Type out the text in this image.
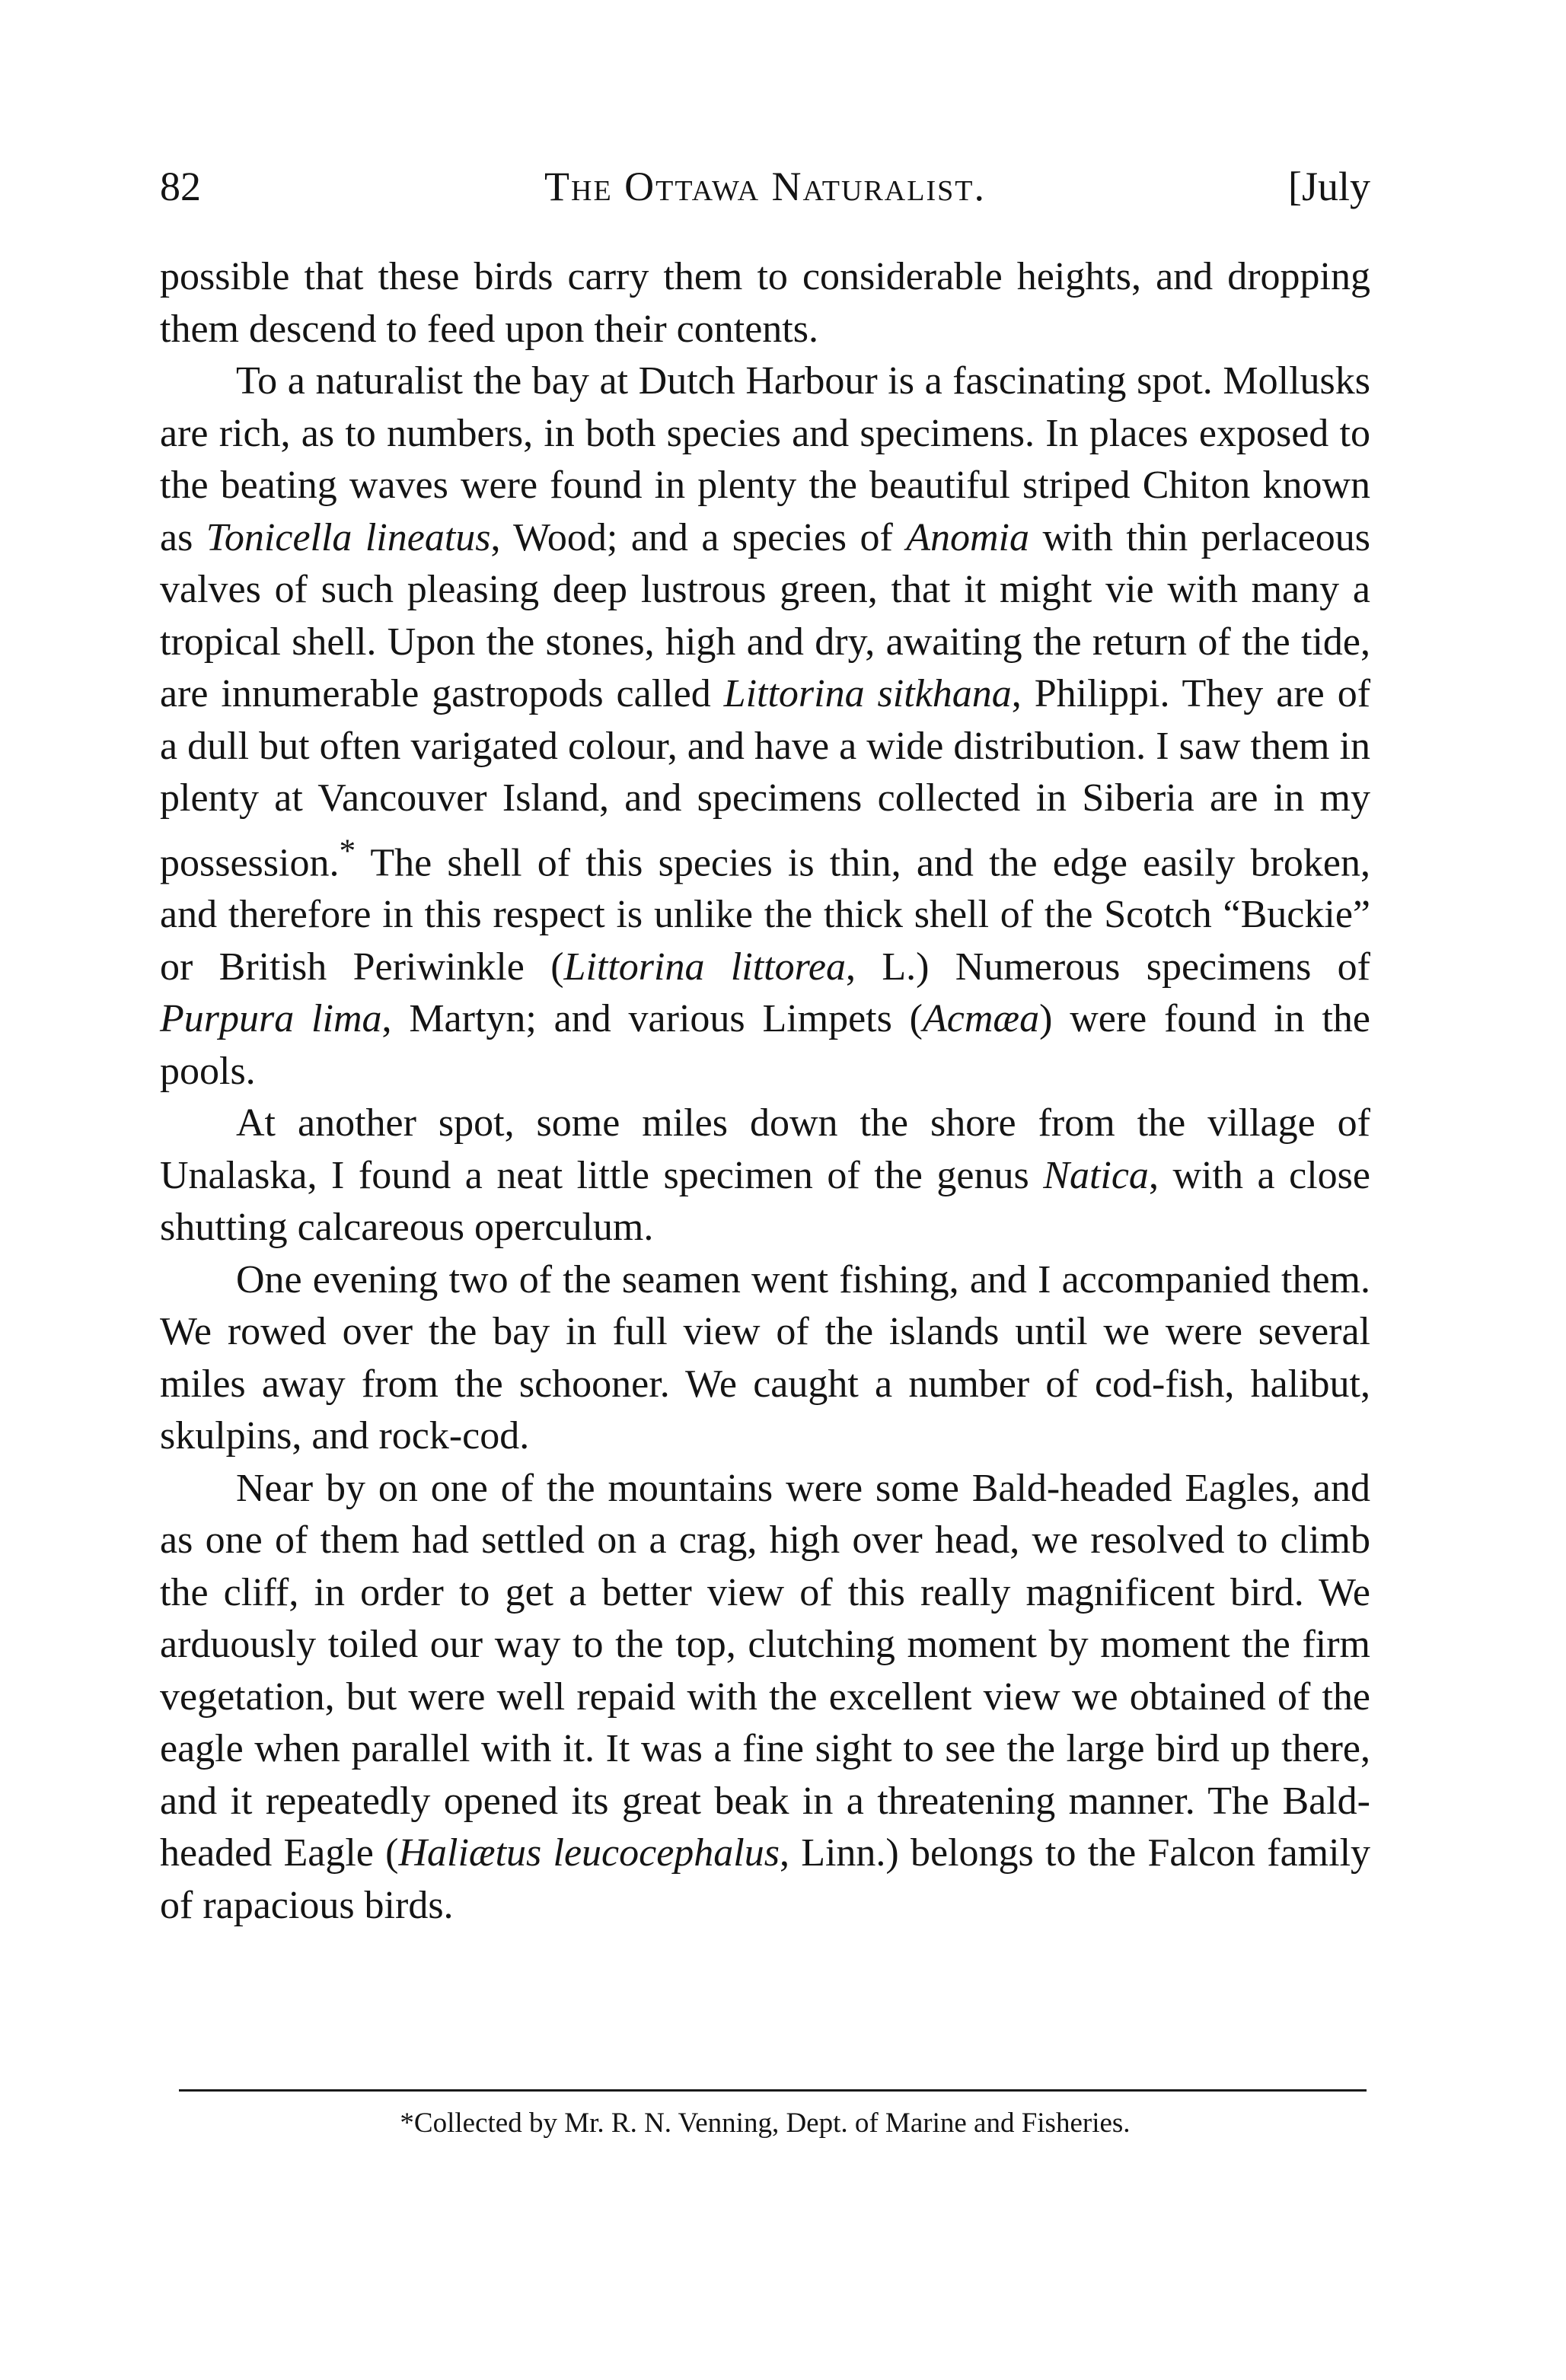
82	The Ottawa Naturalist.	[July

possible that these birds carry them to considerable heights, and dropping them descend to feed upon their contents.

To a naturalist the bay at Dutch Harbour is a fascinating spot. Mollusks are rich, as to numbers, in both species and specimens. In places exposed to the beating waves were found in plenty the beautiful striped Chiton known as Tonicella lineatus, Wood; and a species of Anomia with thin perlaceous valves of such pleasing deep lustrous green, that it might vie with many a tropical shell. Upon the stones, high and dry, awaiting the return of the tide, are innumerable gastropods called Littorina sitkhana, Philippi. They are of a dull but often varigated colour, and have a wide distribution. I saw them in plenty at Vancouver Island, and specimens collected in Siberia are in my possession.* The shell of this species is thin, and the edge easily broken, and therefore in this respect is unlike the thick shell of the Scotch “Buckie” or British Periwinkle (Littorina littorea, L.) Numerous specimens of Purpura lima, Martyn; and various Limpets (Acmæa) were found in the pools.

At another spot, some miles down the shore from the village of Unalaska, I found a neat little specimen of the genus Natica, with a close shutting calcareous operculum.

One evening two of the seamen went fishing, and I accompanied them. We rowed over the bay in full view of the islands until we were several miles away from the schooner. We caught a number of cod-fish, halibut, skulpins, and rock-cod.

Near by on one of the mountains were some Bald-headed Eagles, and as one of them had settled on a crag, high over head, we resolved to climb the cliff, in order to get a better view of this really magnificent bird. We arduously toiled our way to the top, clutching moment by moment the firm vegetation, but were well repaid with the excellent view we obtained of the eagle when parallel with it. It was a fine sight to see the large bird up there, and it repeatedly opened its great beak in a threatening manner. The Bald-headed Eagle (Haliætus leucocephalus, Linn.) belongs to the Falcon family of rapacious birds.

*Collected by Mr. R. N. Venning, Dept. of Marine and Fisheries.
